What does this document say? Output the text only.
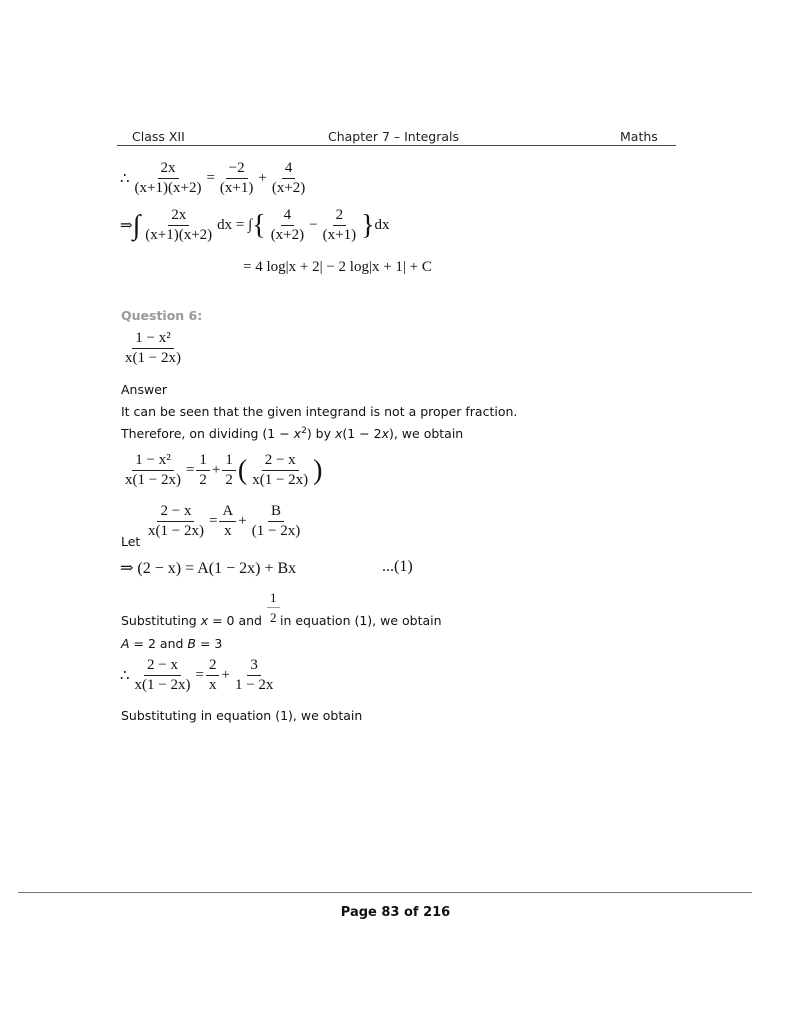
Class XII	Chapter 7 – Integrals	Maths
∴ $\frac{2x}{(x+1)(x+2)} = \frac{-2}{(x+1)} + \frac{4}{(x+2)}$
⇒ ∫ $\frac{2x}{(x+1)(x+2)}$ dx = ∫ { $\frac{4}{(x+2)} - \frac{2}{(x+1)}$ } dx
= 4 log|x + 2| − 2 log|x + 1| + C
Question 6:
$\frac{\text{1 − x²}}{x(1 - 2x)}$
Answer
It can be seen that the given integrand is not a proper fraction.
Therefore, on dividing $(1 - x^2)$ by x(1 − 2x), we obtain
$\frac{\text{1 − x²}}{x(1 - 2x)} = \frac{1}{2} + \frac{1}{2}$ ( $\frac{2 - x}{x(1 - 2x)}$ )
Let
$\frac{2 - x}{x(1 - 2x)} = \frac{A}{x} + \frac{B}{(1 - 2x)}$
⇒ (2 − x) = A(1 − 2x) + Bx	...(1)
Substituting x = 0 and in equation (1), we obtain
$\frac{1}{2}$
A = 2 and B = 3
∴ $\frac{2 - x}{x(1 - 2x)} = \frac{2}{x} + \frac{3}{1 - 2x}$
Substituting in equation (1), we obtain
Page 83 of 216
